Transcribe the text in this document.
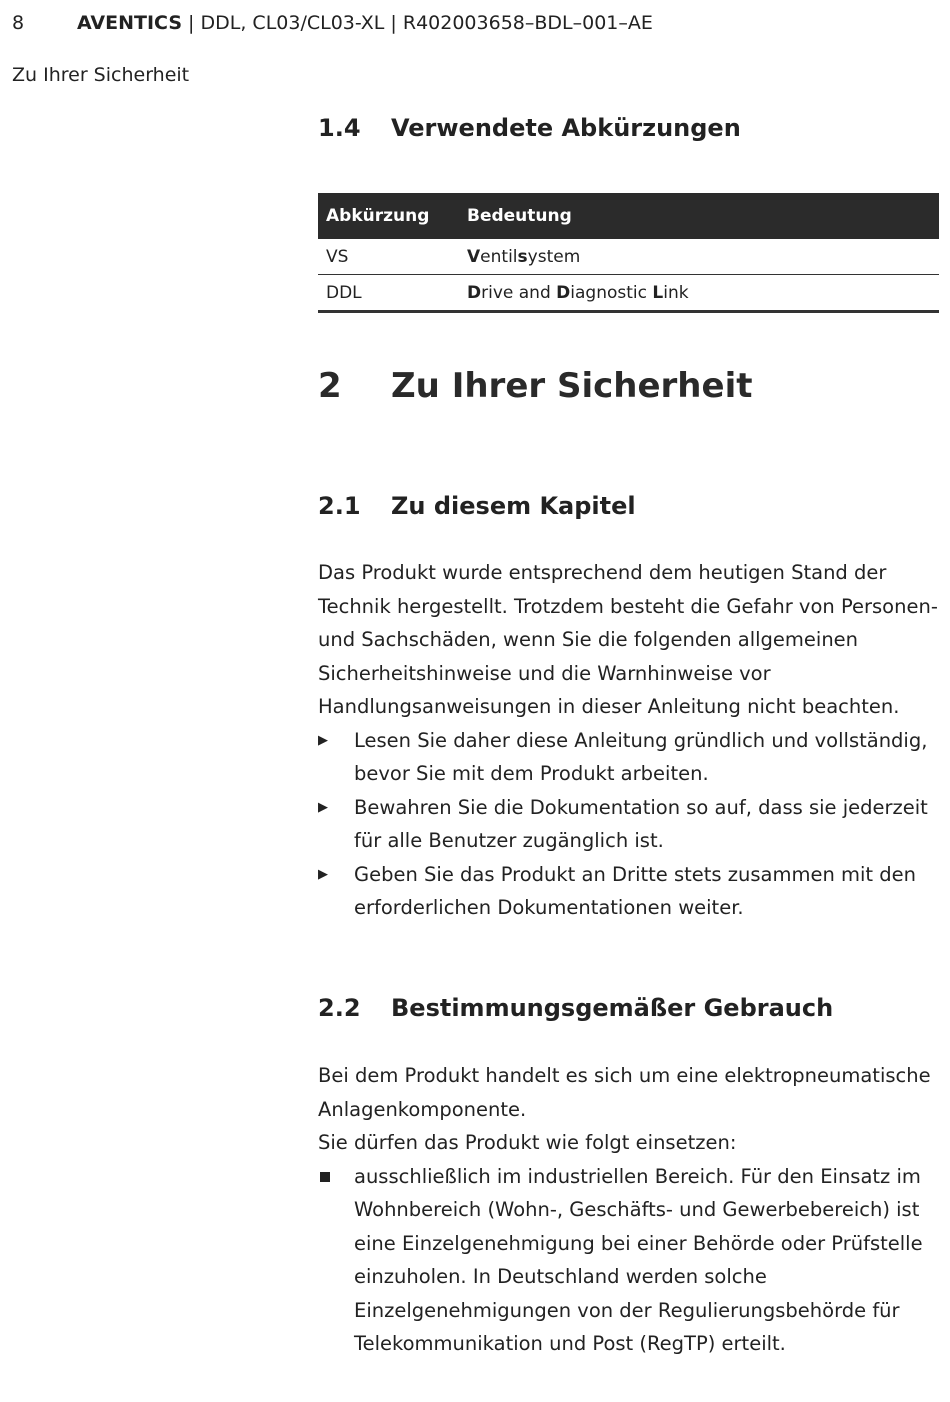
8	AVENTICS | DDL, CL03/CL03-XL | R402003658–BDL–001–AE
Zu Ihrer Sicherheit
1.4 Verwendete Abkürzungen
Abkürzung	Bedeutung
VS	Ventilsystem
DDL	Drive and Diagnostic Link
2 Zu Ihrer Sicherheit
2.1 Zu diesem Kapitel
Das Produkt wurde entsprechend dem heutigen Stand der
Technik hergestellt. Trotzdem besteht die Gefahr von Personen-
und Sachschäden, wenn Sie die folgenden allgemeinen
Sicherheitshinweise und die Warnhinweise vor
Handlungsanweisungen in dieser Anleitung nicht beachten.
▶ Lesen Sie daher diese Anleitung gründlich und vollständig,
bevor Sie mit dem Produkt arbeiten.
▶ Bewahren Sie die Dokumentation so auf, dass sie jederzeit
für alle Benutzer zugänglich ist.
▶ Geben Sie das Produkt an Dritte stets zusammen mit den
erforderlichen Dokumentationen weiter.
2.2 Bestimmungsgemäßer Gebrauch
Bei dem Produkt handelt es sich um eine elektropneumatische
Anlagenkomponente.
Sie dürfen das Produkt wie folgt einsetzen:
ausschließlich im industriellen Bereich. Für den Einsatz im
Wohnbereich (Wohn-, Geschäfts- und Gewerbebereich) ist
eine Einzelgenehmigung bei einer Behörde oder Prüfstelle
einzuholen. In Deutschland werden solche
Einzelgenehmigungen von der Regulierungsbehörde für
Telekommunikation und Post (RegTP) erteilt.
